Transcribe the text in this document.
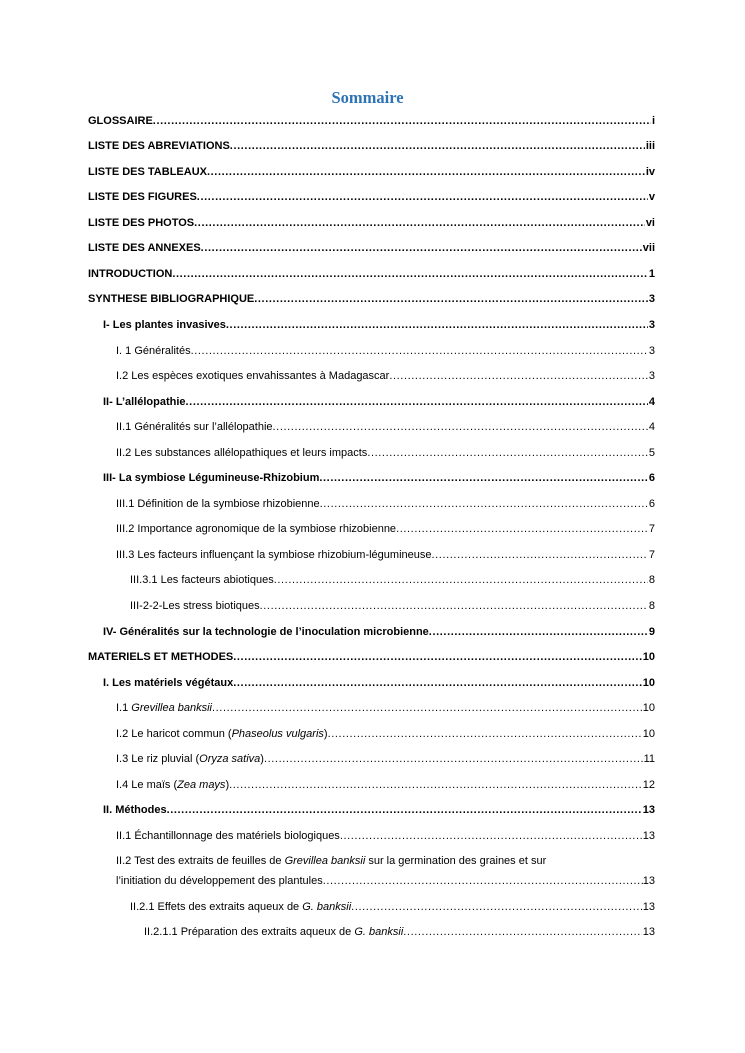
Sommaire
GLOSSAIRE .....	i
LISTE DES ABREVIATIONS .....	iii
LISTE DES TABLEAUX .....	iv
LISTE DES FIGURES .....	v
LISTE DES PHOTOS .....	vi
LISTE DES ANNEXES .....	vii
INTRODUCTION .....	1
SYNTHESE BIBLIOGRAPHIQUE .....	3
I- Les plantes invasives .....	3
I. 1 Généralités .....	3
I.2 Les espèces exotiques envahissantes à Madagascar .....	3
II- L’allélopathie .....	4
II.1 Généralités sur l’allélopathie .....	4
II.2 Les substances allélopathiques et leurs impacts .....	5
III- La symbiose Légumineuse-Rhizobium .....	6
III.1 Définition de la symbiose rhizobienne .....	6
III.2 Importance agronomique de la symbiose rhizobienne .....	7
III.3 Les facteurs influençant la symbiose rhizobium-légumineuse .....	7
III.3.1 Les facteurs abiotiques .....	8
III-2-2-Les stress biotiques .....	8
IV- Généralités sur la technologie de l’inoculation microbienne .....	9
MATERIELS ET METHODES .....	10
I. Les matériels végétaux .....	10
I.1 Grevillea banksii .....	10
I.2 Le haricot commun (Phaseolus vulgaris) .....	10
I.3 Le riz pluvial (Oryza sativa) .....	11
I.4 Le maïs (Zea mays) .....	12
II. Méthodes .....	13
II.1 Échantillonnage des matériels biologiques .....	13
II.2 Test des extraits de feuilles de Grevillea banksii sur la germination des graines et sur
l’initiation du développement des plantules .....	13
II.2.1 Effets des extraits aqueux de G. banksii .....	13
II.2.1.1 Préparation des extraits aqueux de G. banksii .....	13
